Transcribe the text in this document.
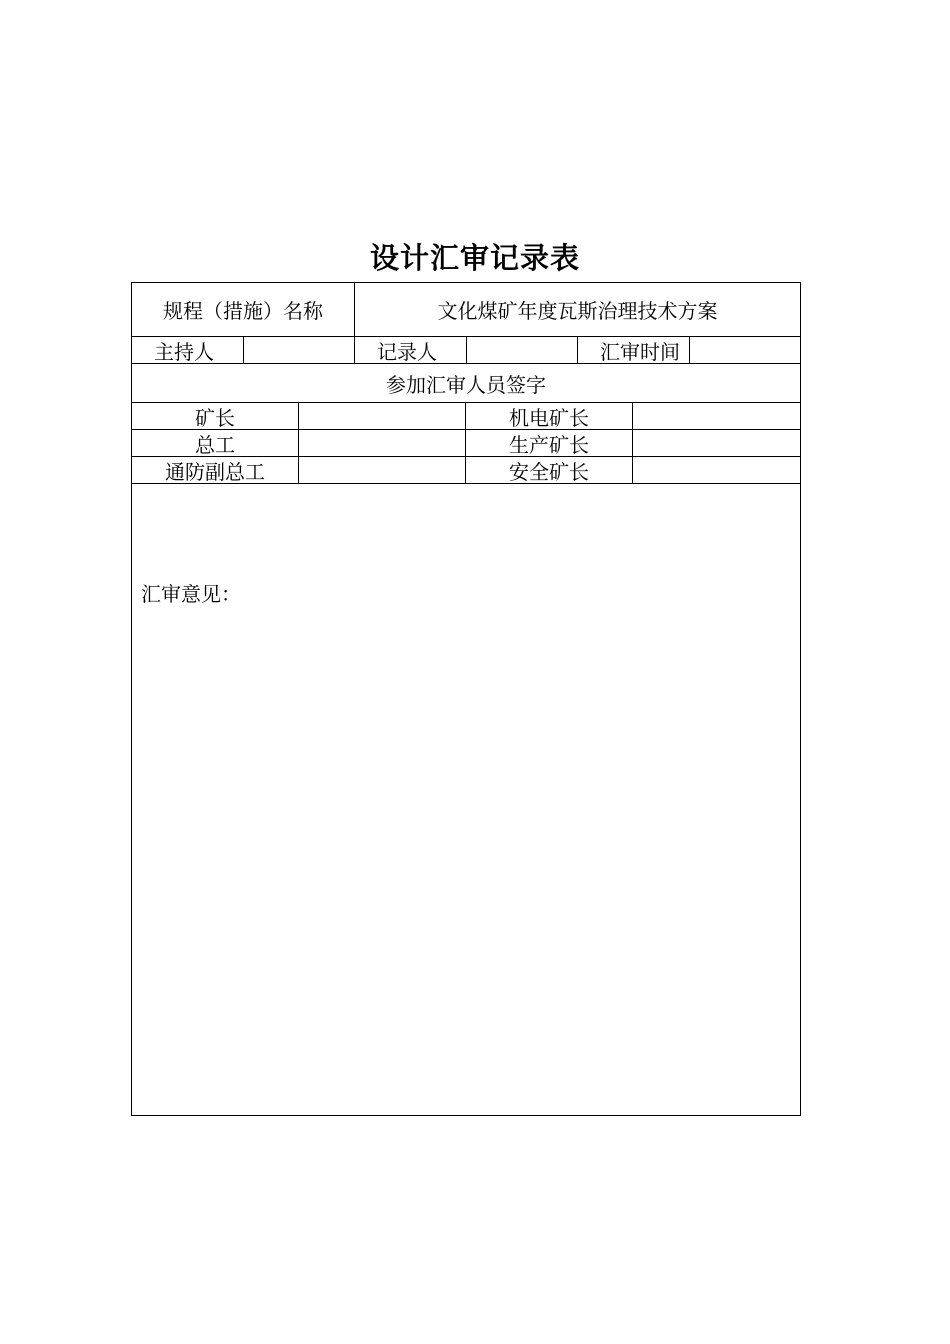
设计汇审记录表
规程（措施）名称	文化煤矿年度瓦斯治理技术方案
主持人	记录人	汇审时间
参加汇审人员签字
矿长	机电矿长
总工	生产矿长
通防副总工	安全矿长
汇审意见：
